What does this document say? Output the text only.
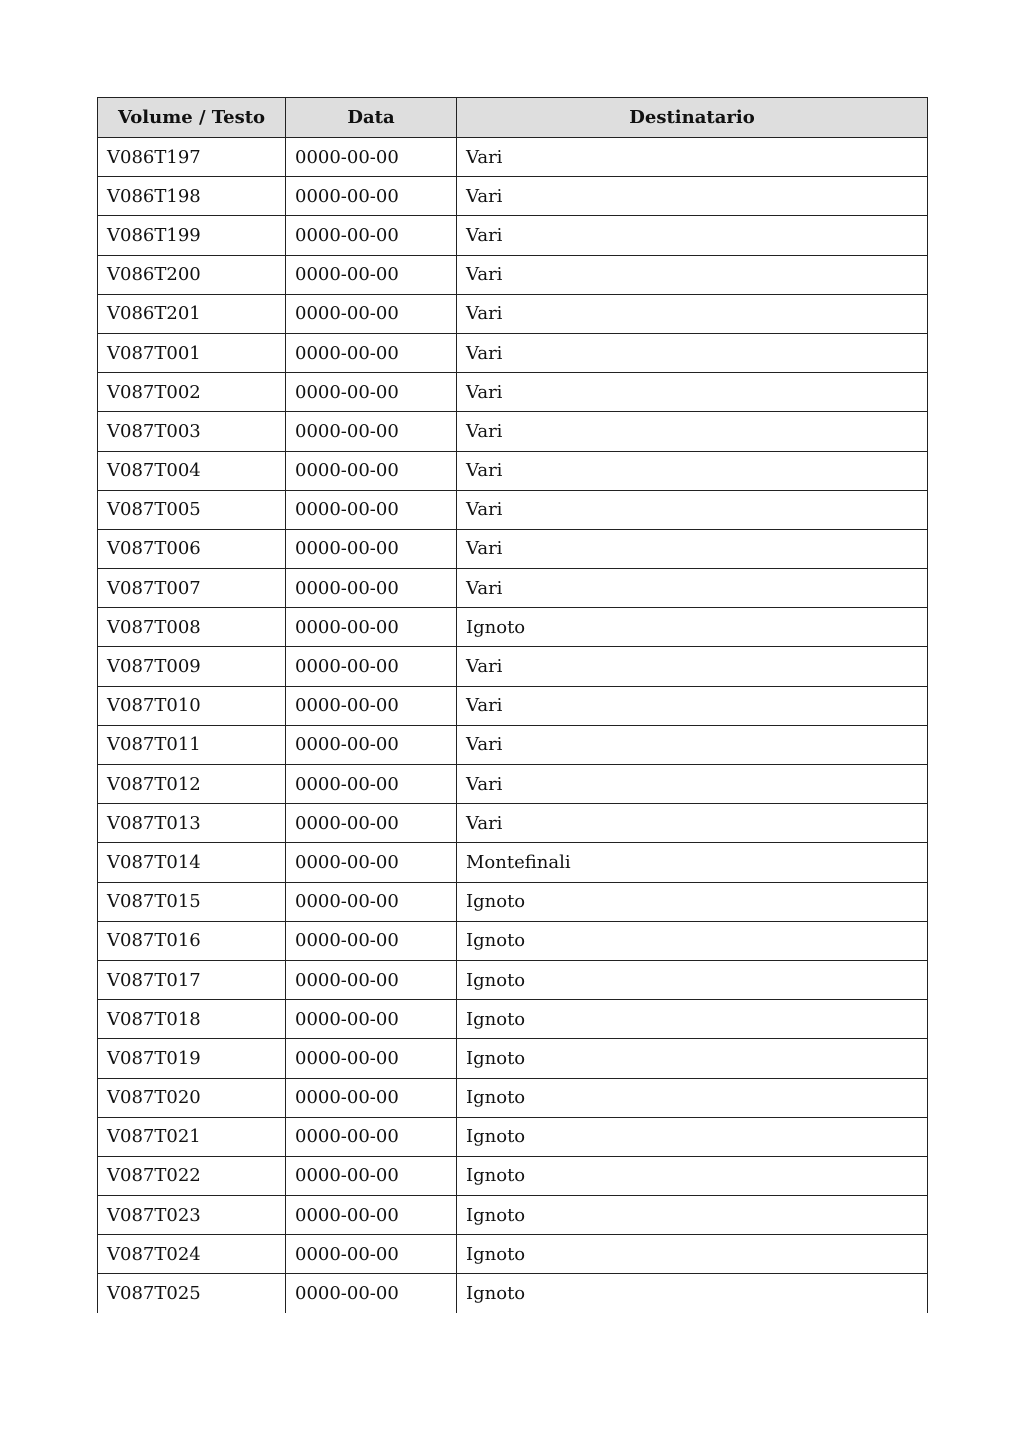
Volume / Testo	Data	Destinatario
V086T197	0000-00-00	Vari
V086T198	0000-00-00	Vari
V086T199	0000-00-00	Vari
V086T200	0000-00-00	Vari
V086T201	0000-00-00	Vari
V087T001	0000-00-00	Vari
V087T002	0000-00-00	Vari
V087T003	0000-00-00	Vari
V087T004	0000-00-00	Vari
V087T005	0000-00-00	Vari
V087T006	0000-00-00	Vari
V087T007	0000-00-00	Vari
V087T008	0000-00-00	Ignoto
V087T009	0000-00-00	Vari
V087T010	0000-00-00	Vari
V087T011	0000-00-00	Vari
V087T012	0000-00-00	Vari
V087T013	0000-00-00	Vari
V087T014	0000-00-00	Montefinali
V087T015	0000-00-00	Ignoto
V087T016	0000-00-00	Ignoto
V087T017	0000-00-00	Ignoto
V087T018	0000-00-00	Ignoto
V087T019	0000-00-00	Ignoto
V087T020	0000-00-00	Ignoto
V087T021	0000-00-00	Ignoto
V087T022	0000-00-00	Ignoto
V087T023	0000-00-00	Ignoto
V087T024	0000-00-00	Ignoto
V087T025	0000-00-00	Ignoto
